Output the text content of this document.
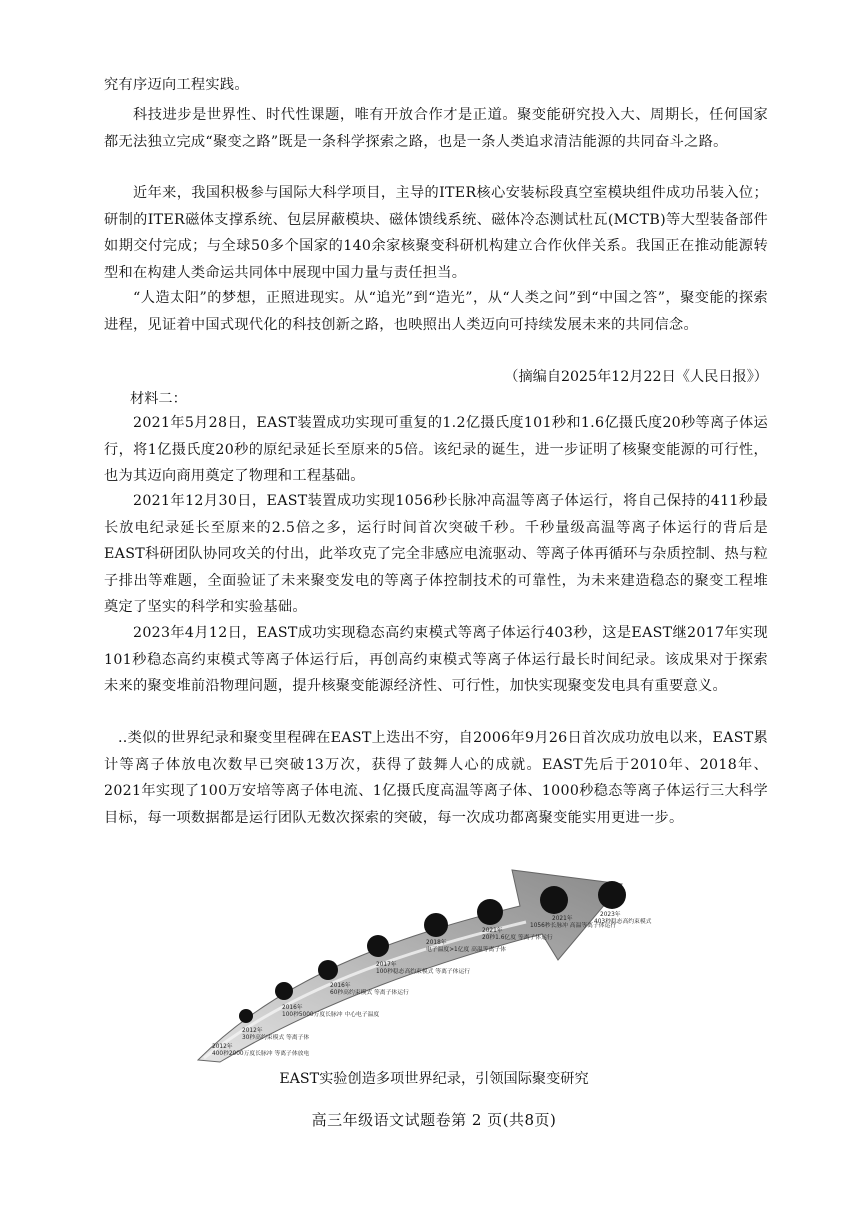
究有序迈向工程实践。

科技进步是世界性、时代性课题，唯有开放合作才是正道。聚变能研究投入大、周期长，任何国家都无法独立完成“聚变之路”既是一条科学探索之路，也是一条人类追求清洁能源的共同奋斗之路。

近年来，我国积极参与国际大科学项目，主导的ITER核心安装标段真空室模块组件成功吊装入位；研制的ITER磁体支撑系统、包层屏蔽模块、磁体馈线系统、磁体冷态测试杜瓦(MCTB)等大型装备部件如期交付完成；与全球50多个国家的140余家核聚变科研机构建立合作伙伴关系。我国正在推动能源转型和在构建人类命运共同体中展现中国力量与责任担当。

“人造太阳”的梦想，正照进现实。从“追光”到“造光”，从“人类之问”到“中国之答”，聚变能的探索进程，见证着中国式现代化的科技创新之路，也映照出人类迈向可持续发展未来的共同信念。

（摘编自2025年12月22日《人民日报》）
材料二：

2021年5月28日，EAST装置成功实现可重复的1.2亿摄氏度101秒和1.6亿摄氏度20秒等离子体运行，将1亿摄氏度20秒的原纪录延长至原来的5倍。该纪录的诞生，进一步证明了核聚变能源的可行性，也为其迈向商用奠定了物理和工程基础。

2021年12月30日，EAST装置成功实现1056秒长脉冲高温等离子体运行，将自己保持的411秒最长放电纪录延长至原来的2.5倍之多，运行时间首次突破千秒。千秒量级高温等离子体运行的背后是EAST科研团队协同攻关的付出，此举攻克了完全非感应电流驱动、等离子体再循环与杂质控制、热与粒子排出等难题，全面验证了未来聚变发电的等离子体控制技术的可靠性，为未来建造稳态的聚变工程堆奠定了坚实的科学和实验基础。

2023年4月12日，EAST成功实现稳态高约束模式等离子体运行403秒，这是EAST继2017年实现101秒稳态高约束模式等离子体运行后，再创高约束模式等离子体运行最长时间纪录。该成果对于探索未来的聚变堆前沿物理问题，提升核聚变能源经济性、可行性，加快实现聚变发电具有重要意义。

..类似的世界纪录和聚变里程碑在EAST上迭出不穷，自2006年9月26日首次成功放电以来，EAST累计等离子体放电次数早已突破13万次，获得了鼓舞人心的成就。EAST先后于2010年、2018年、2021年实现了100万安培等离子体电流、1亿摄氏度高温等离子体、1000秒稳态等离子体运行三大科学目标，每一项数据都是运行团队无数次探索的突破，每一次成功都离聚变能实用更进一步。

2012年
400秒2000万度长脉冲 等离子体放电
2012年
30秒高约束模式 等离子体
2016年
100秒5000万度长脉冲 中心电子温度
2016年
60秒高约束模式 等离子体运行
2017年
100秒稳态高约束模式 等离子体运行
2018年
电子温度>1亿度 高温等离子体
2021年
20秒1.6亿度 等离子体运行
2021年
1056秒长脉冲 高温等离子体运行
2023年
403秒稳态高约束模式
EAST实验创造多项世界纪录，引领国际聚变研究
高三年级语文试题卷第 2 页(共8页)
